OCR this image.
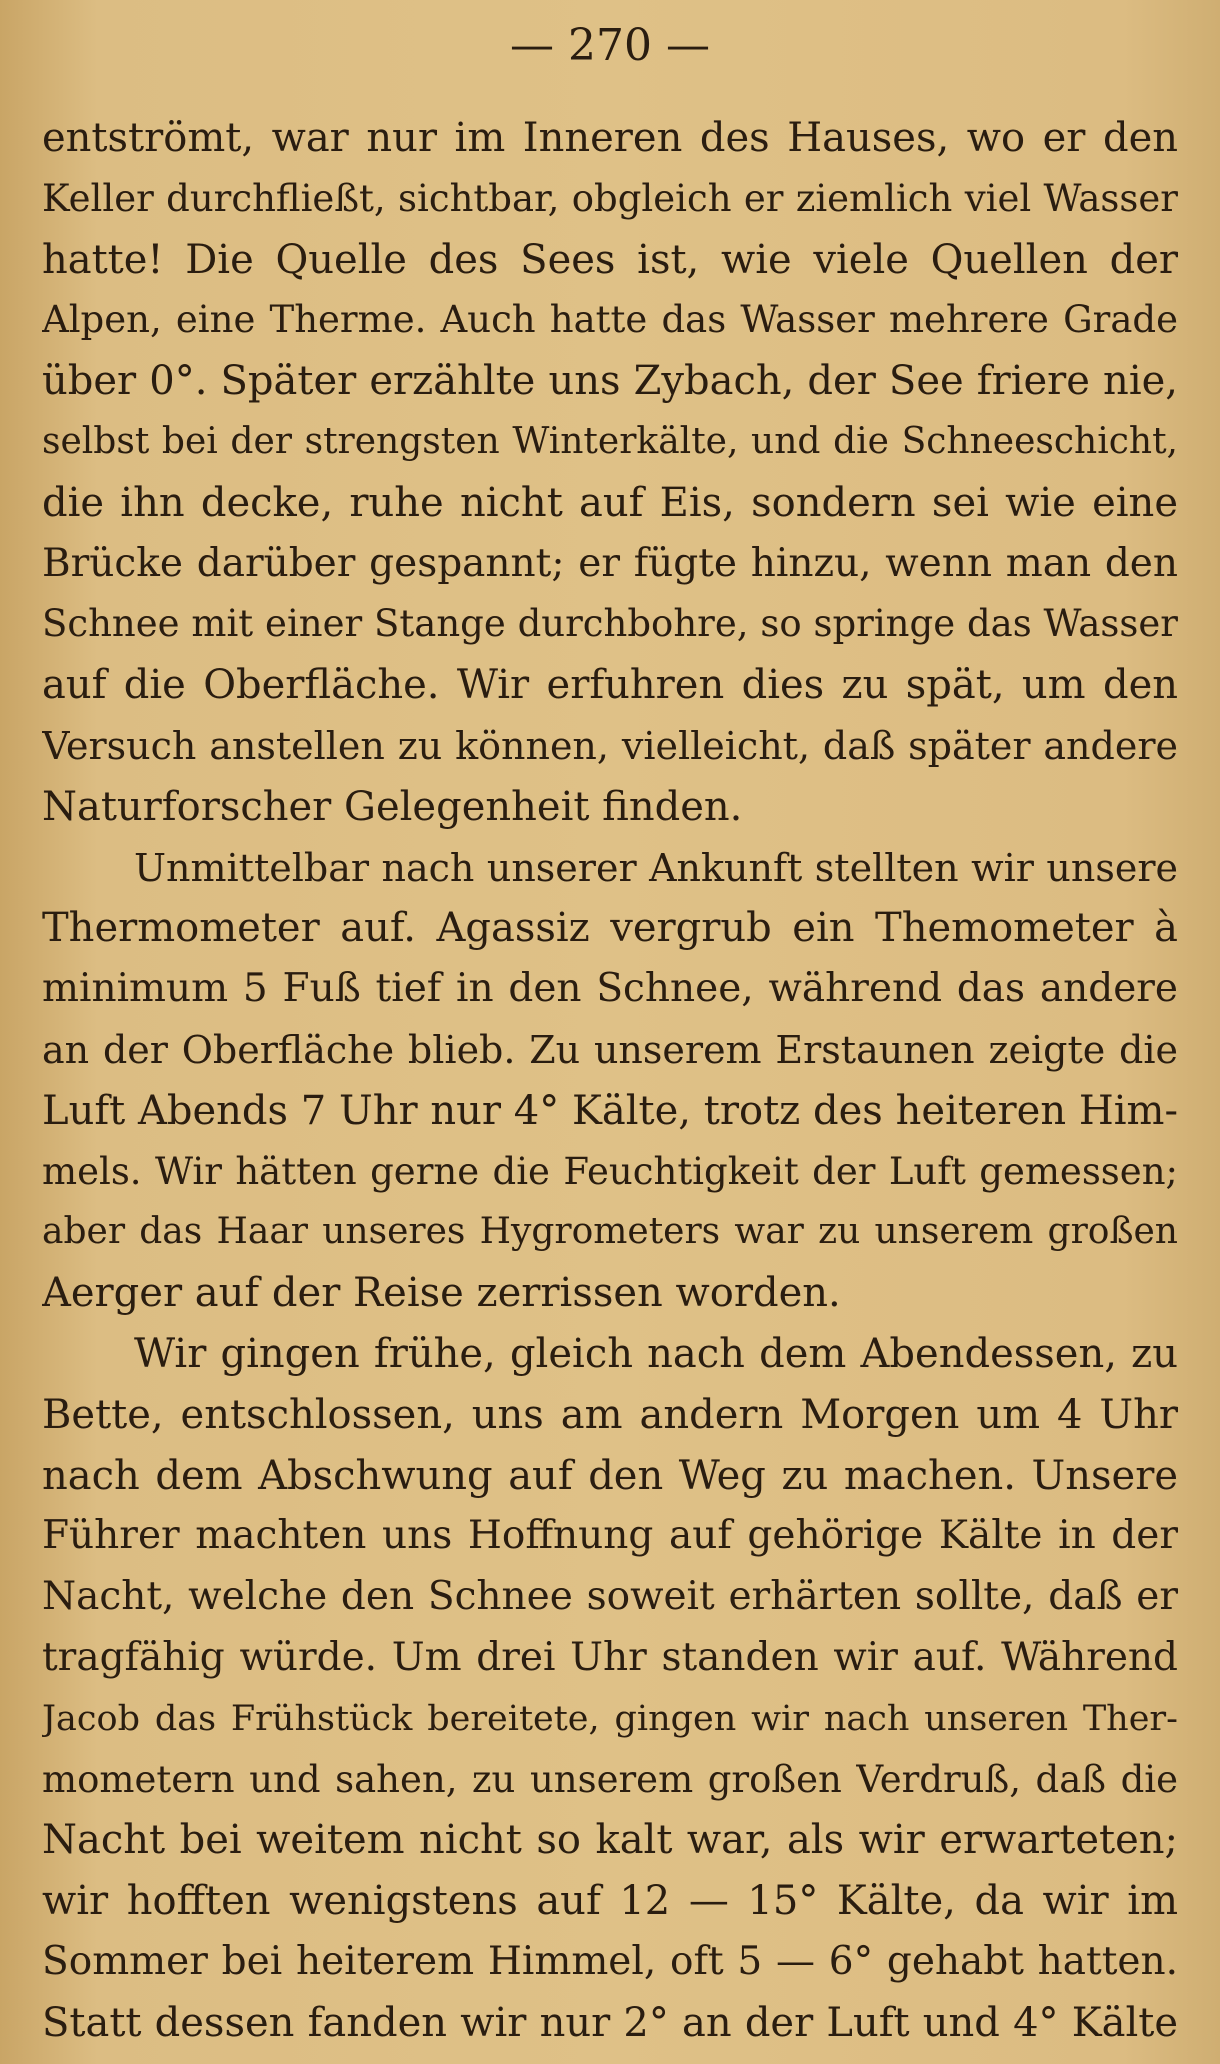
— 270 —
entströmt, war nur im Inneren des Hauses, wo er den
Keller durchfließt, sichtbar, obgleich er ziemlich viel Wasser
hatte! Die Quelle des Sees ist, wie viele Quellen der
Alpen, eine Therme. Auch hatte das Wasser mehrere Grade
über 0°. Später erzählte uns Zybach, der See friere nie,
selbst bei der strengsten Winterkälte, und die Schneeschicht,
die ihn decke, ruhe nicht auf Eis, sondern sei wie eine
Brücke darüber gespannt; er fügte hinzu, wenn man den
Schnee mit einer Stange durchbohre, so springe das Wasser
auf die Oberfläche. Wir erfuhren dies zu spät, um den
Versuch anstellen zu können, vielleicht, daß später andere
Naturforscher Gelegenheit finden.
Unmittelbar nach unserer Ankunft stellten wir unsere
Thermometer auf. Agassiz vergrub ein Themometer à
minimum 5 Fuß tief in den Schnee, während das andere
an der Oberfläche blieb. Zu unserem Erstaunen zeigte die
Luft Abends 7 Uhr nur 4° Kälte, trotz des heiteren Him-
mels. Wir hätten gerne die Feuchtigkeit der Luft gemessen;
aber das Haar unseres Hygrometers war zu unserem großen
Aerger auf der Reise zerrissen worden.
Wir gingen frühe, gleich nach dem Abendessen, zu
Bette, entschlossen, uns am andern Morgen um 4 Uhr
nach dem Abschwung auf den Weg zu machen. Unsere
Führer machten uns Hoffnung auf gehörige Kälte in der
Nacht, welche den Schnee soweit erhärten sollte, daß er
tragfähig würde. Um drei Uhr standen wir auf. Während
Jacob das Frühstück bereitete, gingen wir nach unseren Ther-
mometern und sahen, zu unserem großen Verdruß, daß die
Nacht bei weitem nicht so kalt war, als wir erwarteten;
wir hofften wenigstens auf 12 — 15° Kälte, da wir im
Sommer bei heiterem Himmel, oft 5 — 6° gehabt hatten.
Statt dessen fanden wir nur 2° an der Luft und 4° Kälte
